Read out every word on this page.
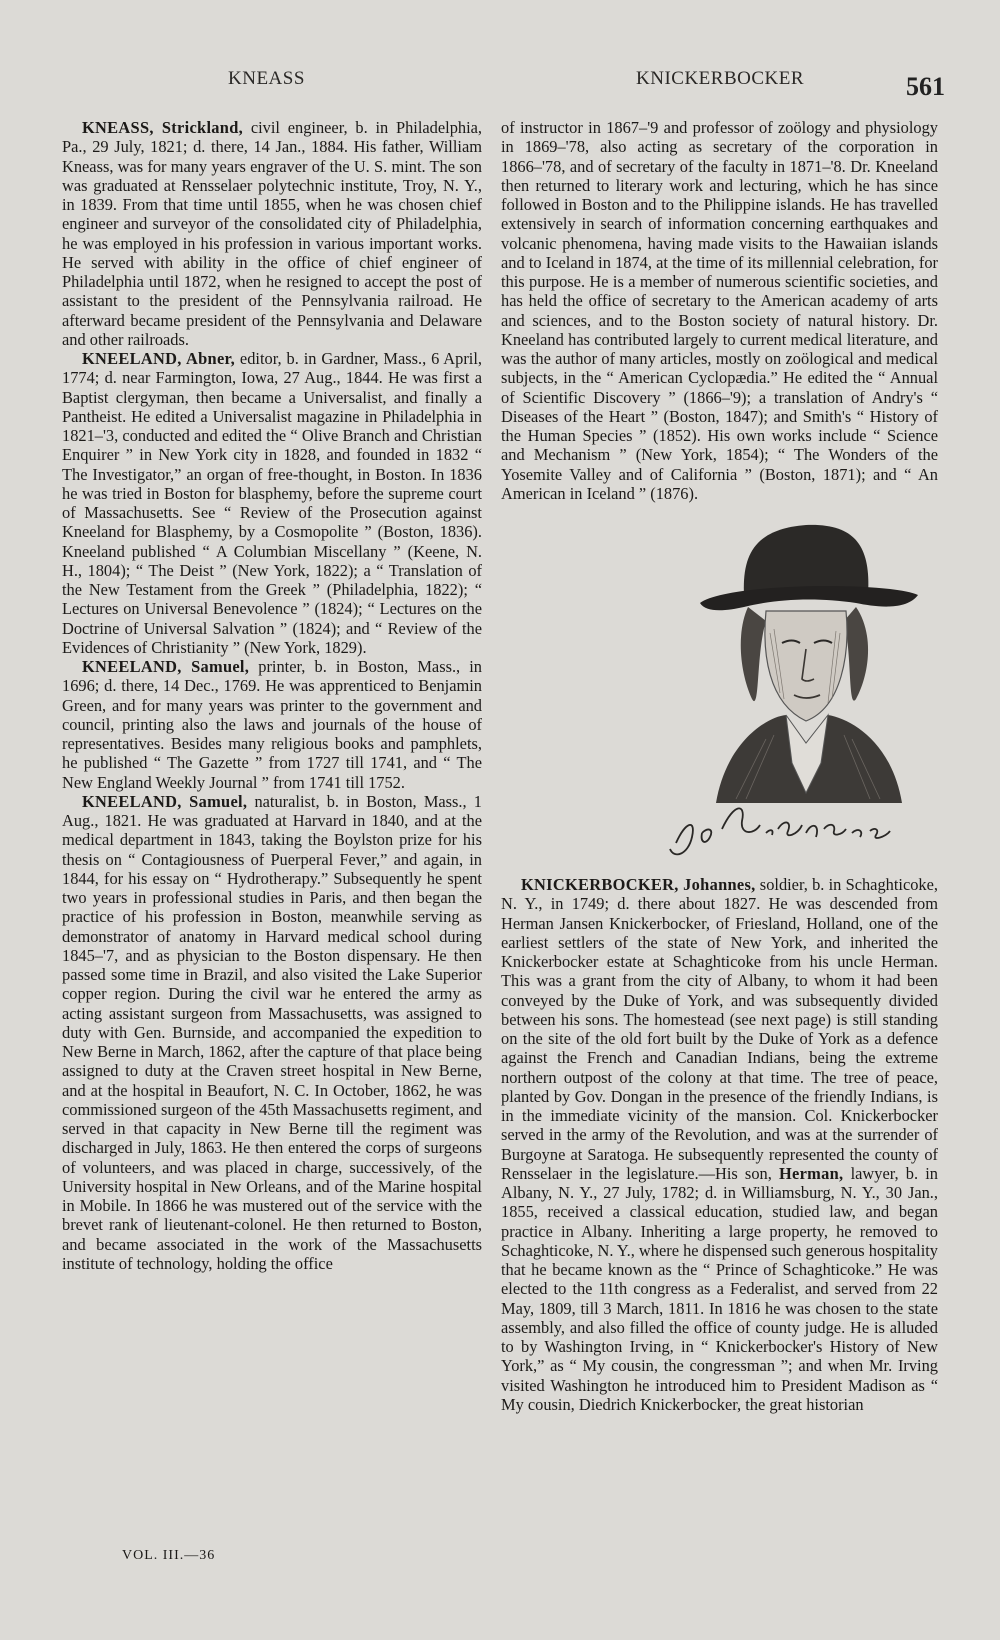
KNEASS	KNICKERBOCKER	561

KNEASS, Strickland, civil engineer, b. in Philadelphia, Pa., 29 July, 1821; d. there, 14 Jan., 1884. His father, William Kneass, was for many years engraver of the U. S. mint. The son was graduated at Rensselaer polytechnic institute, Troy, N. Y., in 1839. From that time until 1855, when he was chosen chief engineer and surveyor of the consolidated city of Philadelphia, he was employed in his profession in various important works. He served with ability in the office of chief engineer of Philadelphia until 1872, when he resigned to accept the post of assistant to the president of the Pennsylvania railroad. He afterward became president of the Pennsylvania and Delaware and other railroads.

KNEELAND, Abner, editor, b. in Gardner, Mass., 6 April, 1774; d. near Farmington, Iowa, 27 Aug., 1844. He was first a Baptist clergyman, then became a Universalist, and finally a Pantheist. He edited a Universalist magazine in Philadelphia in 1821–'3, conducted and edited the “ Olive Branch and Christian Enquirer ” in New York city in 1828, and founded in 1832 “ The Investigator,” an organ of free-thought, in Boston. In 1836 he was tried in Boston for blasphemy, before the supreme court of Massachusetts. See “ Review of the Prosecution against Kneeland for Blasphemy, by a Cosmopolite ” (Boston, 1836). Kneeland published “ A Columbian Miscellany ” (Keene, N. H., 1804); “ The Deist ” (New York, 1822); a “ Translation of the New Testament from the Greek ” (Philadelphia, 1822); “ Lectures on Universal Benevolence ” (1824); “ Lectures on the Doctrine of Universal Salvation ” (1824); and “ Review of the Evidences of Christianity ” (New York, 1829).

KNEELAND, Samuel, printer, b. in Boston, Mass., in 1696; d. there, 14 Dec., 1769. He was apprenticed to Benjamin Green, and for many years was printer to the government and council, printing also the laws and journals of the house of representatives. Besides many religious books and pamphlets, he published “ The Gazette ” from 1727 till 1741, and “ The New England Weekly Journal ” from 1741 till 1752.

KNEELAND, Samuel, naturalist, b. in Boston, Mass., 1 Aug., 1821. He was graduated at Harvard in 1840, and at the medical department in 1843, taking the Boylston prize for his thesis on “ Contagiousness of Puerperal Fever,” and again, in 1844, for his essay on “ Hydrotherapy.” Subsequently he spent two years in professional studies in Paris, and then began the practice of his profession in Boston, meanwhile serving as demonstrator of anatomy in Harvard medical school during 1845–'7, and as physician to the Boston dispensary. He then passed some time in Brazil, and also visited the Lake Superior copper region. During the civil war he entered the army as acting assistant surgeon from Massachusetts, was assigned to duty with Gen. Burnside, and accompanied the expedition to New Berne in March, 1862, after the capture of that place being assigned to duty at the Craven street hospital in New Berne, and at the hospital in Beaufort, N. C. In October, 1862, he was commissioned surgeon of the 45th Massachusetts regiment, and served in that capacity in New Berne till the regiment was discharged in July, 1863. He then entered the corps of surgeons of volunteers, and was placed in charge, successively, of the University hospital in New Orleans, and of the Marine hospital in Mobile. In 1866 he was mustered out of the service with the brevet rank of lieutenant-colonel. He then returned to Boston, and became associated in the work of the Massachusetts institute of technology, holding the office

of instructor in 1867–'9 and professor of zoölogy and physiology in 1869–'78, also acting as secretary of the corporation in 1866–'78, and of secretary of the faculty in 1871–'8. Dr. Kneeland then returned to literary work and lecturing, which he has since followed in Boston and to the Philippine islands. He has travelled extensively in search of information concerning earthquakes and volcanic phenomena, having made visits to the Hawaiian islands and to Iceland in 1874, at the time of its millennial celebration, for this purpose. He is a member of numerous scientific societies, and has held the office of secretary to the American academy of arts and sciences, and to the Boston society of natural history. Dr. Kneeland has contributed largely to current medical literature, and was the author of many articles, mostly on zoölogical and medical subjects, in the “ American Cyclopædia.” He edited the “ Annual of Scientific Discovery ” (1866–'9); a translation of Andry's “ Diseases of the Heart ” (Boston, 1847); and Smith's “ History of the Human Species ” (1852). His own works include “ Science and Mechanism ” (New York, 1854); “ The Wonders of the Yosemite Valley and of California ” (Boston, 1871); and “ An American in Iceland ” (1876).

KNICKERBOCKER, Johannes, soldier, b. in Schaghticoke, N. Y., in 1749; d. there about 1827. He was descended from Herman Jansen Knickerbocker, of Friesland, Holland, one of the earliest settlers of the state of New York, and inherited the Knickerbocker estate at Schaghticoke from his uncle Herman. This was a grant from the city of Albany, to whom it had been conveyed by the Duke of York, and was subsequently divided between his sons. The homestead (see next page) is still standing on the site of the old fort built by the Duke of York as a defence against the French and Canadian Indians, being the extreme northern outpost of the colony at that time. The tree of peace, planted by Gov. Dongan in the presence of the friendly Indians, is in the immediate vicinity of the mansion. Col. Knickerbocker served in the army of the Revolution, and was at the surrender of Burgoyne at Saratoga. He subsequently represented the county of Rensselaer in the legislature.—His son, Herman, lawyer, b. in Albany, N. Y., 27 July, 1782; d. in Williamsburg, N. Y., 30 Jan., 1855, received a classical education, studied law, and began practice in Albany. Inheriting a large property, he removed to Schaghticoke, N. Y., where he dispensed such generous hospitality that he became known as the “ Prince of Schaghticoke.” He was elected to the 11th congress as a Federalist, and served from 22 May, 1809, till 3 March, 1811. In 1816 he was chosen to the state assembly, and also filled the office of county judge. He is alluded to by Washington Irving, in “ Knickerbocker's History of New York,” as “ My cousin, the congressman ”; and when Mr. Irving visited Washington he introduced him to President Madison as “ My cousin, Diedrich Knickerbocker, the great historian

VOL. III.—36
